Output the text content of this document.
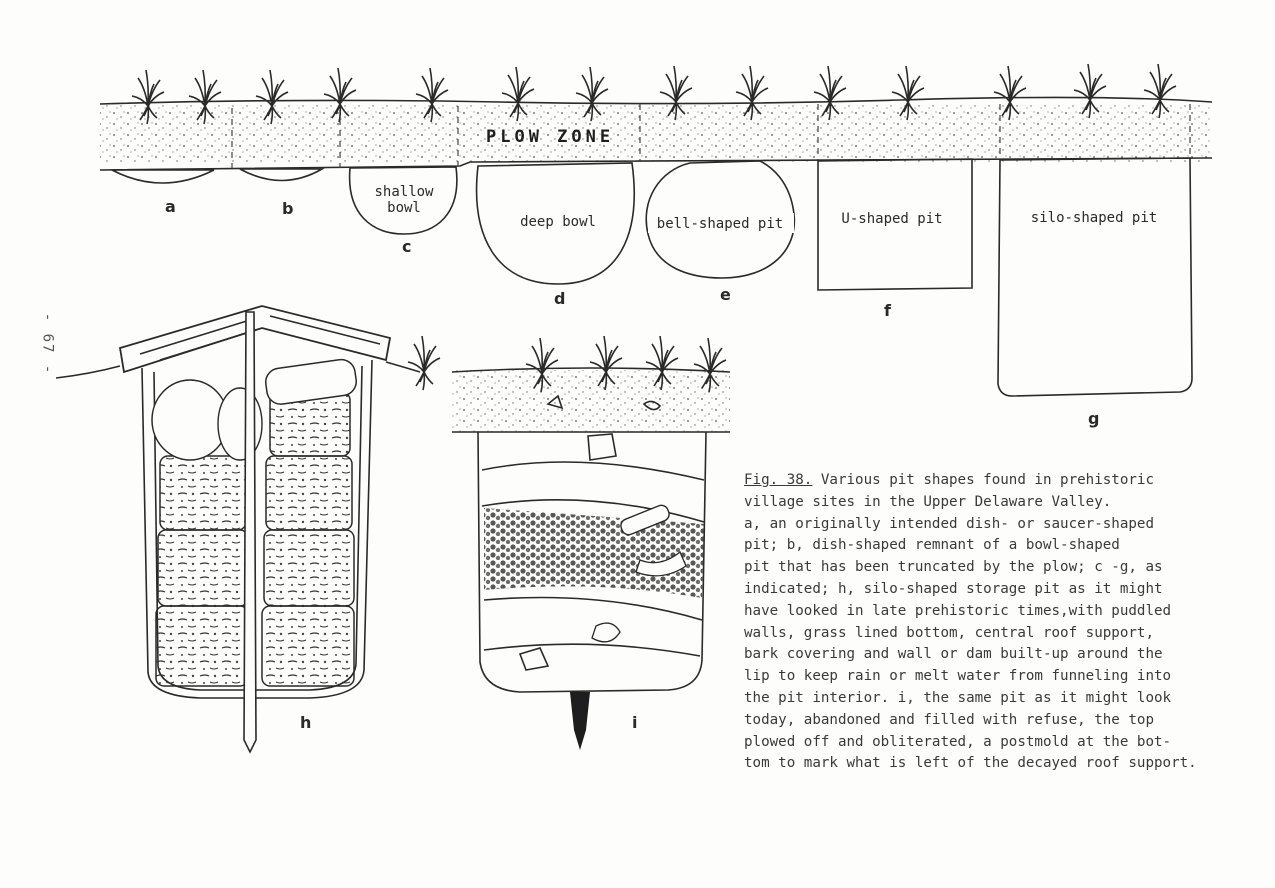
PLOW ZONE
a	b
shallow
bowl
c
deep bowl
d
bell-shaped pit
e
U-shaped pit
f
silo-shaped pit
g
h	i
- 67 -
Fig. 38. Various pit shapes found in prehistoric
village sites in the Upper Delaware Valley.
a, an originally intended dish- or saucer-shaped
pit; b, dish-shaped remnant of a bowl-shaped
pit that has been truncated by the plow; c -g, as
indicated; h, silo-shaped storage pit as it might
have looked in late prehistoric times,with puddled
walls, grass lined bottom, central roof support,
bark covering and wall or dam built-up around the
lip to keep rain or melt water from funneling into
the pit interior. i, the same pit as it might look
today, abandoned and filled with refuse, the top
plowed off and obliterated, a postmold at the bot-
tom to mark what is left of the decayed roof support.
